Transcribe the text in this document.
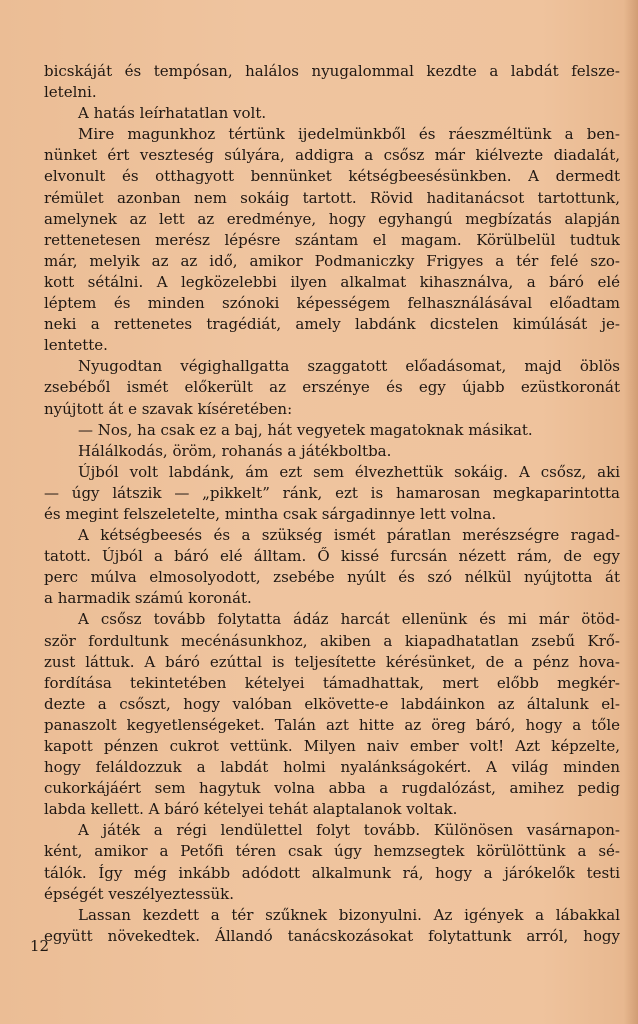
bicskáját és tempósan, halálos nyugalommal kezdte a labdát felsze-
letelni.
A hatás leírhatatlan volt.
Mire magunkhoz tértünk ijedelmünkből és ráeszméltünk a ben-
nünket ért veszteség súlyára, addigra a csősz már kiélvezte diadalát,
elvonult és otthagyott bennünket kétségbeesésünkben. A dermedt
rémület azonban nem sokáig tartott. Rövid haditanácsot tartottunk,
amelynek az lett az eredménye, hogy egyhangú megbízatás alapján
rettenetesen merész lépésre szántam el magam. Körülbelül tudtuk
már, melyik az az idő, amikor Podmaniczky Frigyes a tér felé szo-
kott sétálni. A legközelebbi ilyen alkalmat kihasználva, a báró elé
léptem és minden szónoki képességem felhasználásával előadtam
neki a rettenetes tragédiát, amely labdánk dicstelen kimúlását je-
lentette.
Nyugodtan végighallgatta szaggatott előadásomat, majd öblös
zsebéből ismét előkerült az erszénye és egy újabb ezüstkoronát
nyújtott át e szavak kíséretében:
— Nos, ha csak ez a baj, hát vegyetek magatoknak másikat.
Hálálkodás, öröm, rohanás a játékboltba.
Újból volt labdánk, ám ezt sem élvezhettük sokáig. A csősz, aki
— úgy látszik — „pikkelt” ránk, ezt is hamarosan megkaparintotta
és megint felszeletelte, mintha csak sárgadinnye lett volna.
A kétségbeesés és a szükség ismét páratlan merészségre ragad-
tatott. Újból a báró elé álltam. Ő kissé furcsán nézett rám, de egy
perc múlva elmosolyodott, zsebébe nyúlt és szó nélkül nyújtotta át
a harmadik számú koronát.
A csősz tovább folytatta ádáz harcát ellenünk és mi már ötöd-
ször fordultunk mecénásunkhoz, akiben a kiapadhatatlan zsebű Krő-
zust láttuk. A báró ezúttal is teljesítette kérésünket, de a pénz hova-
fordítása tekintetében kételyei támadhattak, mert előbb megkér-
dezte a csőszt, hogy valóban elkövette-e labdáinkon az általunk el-
panaszolt kegyetlenségeket. Talán azt hitte az öreg báró, hogy a tőle
kapott pénzen cukrot vettünk. Milyen naiv ember volt! Azt képzelte,
hogy feláldozzuk a labdát holmi nyalánkságokért. A világ minden
cukorkájáért sem hagytuk volna abba a rugdalózást, amihez pedig
labda kellett. A báró kételyei tehát alaptalanok voltak.
A játék a régi lendülettel folyt tovább. Különösen vasárnapon-
ként, amikor a Petőfi téren csak úgy hemzsegtek körülöttünk a sé-
tálók. Így még inkább adódott alkalmunk rá, hogy a járókelők testi
épségét veszélyeztessük.
Lassan kezdett a tér szűknek bizonyulni. Az igények a lábakkal
együtt növekedtek. Állandó tanácskozásokat folytattunk arról, hogy
12
